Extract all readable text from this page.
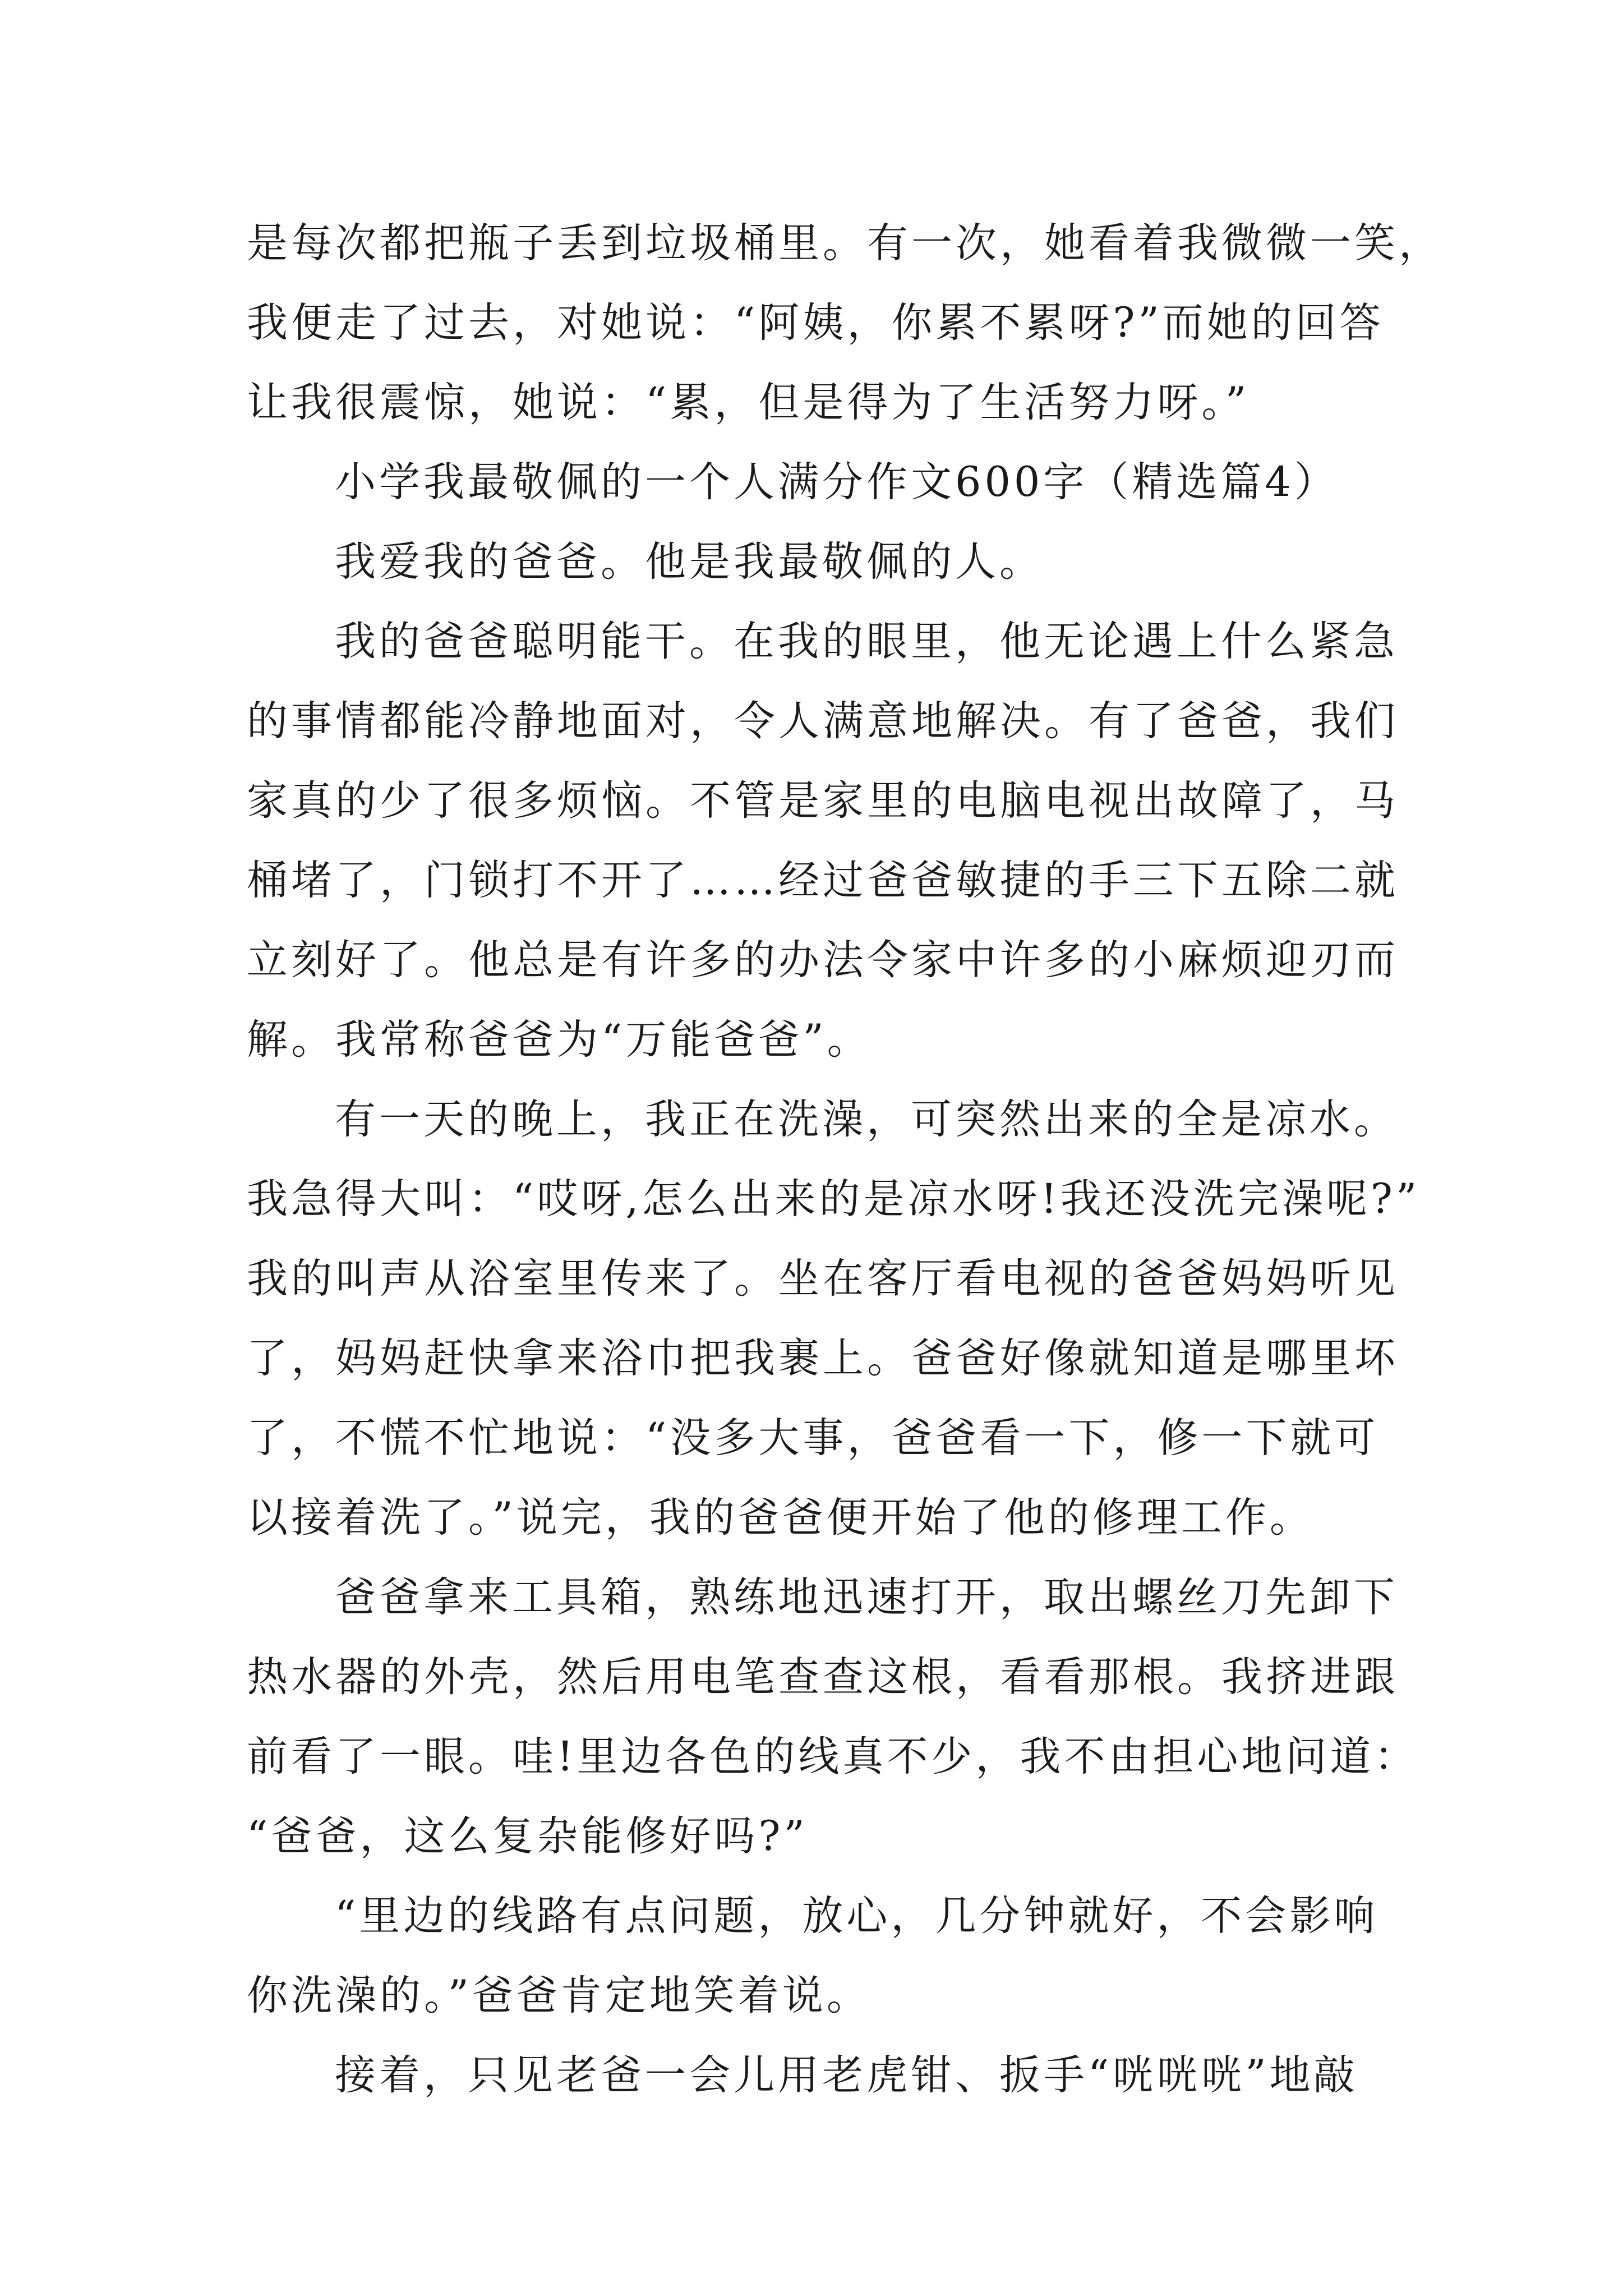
是每次都把瓶子丢到垃圾桶里。有一次，她看着我微微一笑，
我便走了过去，对她说：“阿姨，你累不累呀?”而她的回答
让我很震惊，她说：“累，但是得为了生活努力呀。”
小学我最敬佩的一个人满分作文600字（精选篇4）
我爱我的爸爸。他是我最敬佩的人。
我的爸爸聪明能干。在我的眼里，他无论遇上什么紧急
的事情都能冷静地面对，令人满意地解决。有了爸爸，我们
家真的少了很多烦恼。不管是家里的电脑电视出故障了，马
桶堵了，门锁打不开了……经过爸爸敏捷的手三下五除二就
立刻好了。他总是有许多的办法令家中许多的小麻烦迎刃而
解。我常称爸爸为“万能爸爸”。
有一天的晚上，我正在洗澡，可突然出来的全是凉水。
我急得大叫：“哎呀,怎么出来的是凉水呀!我还没洗完澡呢?”
我的叫声从浴室里传来了。坐在客厅看电视的爸爸妈妈听见
了，妈妈赶快拿来浴巾把我裹上。爸爸好像就知道是哪里坏
了，不慌不忙地说：“没多大事，爸爸看一下，修一下就可
以接着洗了。”说完，我的爸爸便开始了他的修理工作。
爸爸拿来工具箱，熟练地迅速打开，取出螺丝刀先卸下
热水器的外壳，然后用电笔查查这根，看看那根。我挤进跟
前看了一眼。哇!里边各色的线真不少，我不由担心地问道：
“爸爸，这么复杂能修好吗?”
“里边的线路有点问题，放心，几分钟就好，不会影响
你洗澡的。”爸爸肯定地笑着说。
接着，只见老爸一会儿用老虎钳、扳手“咣咣咣”地敲
